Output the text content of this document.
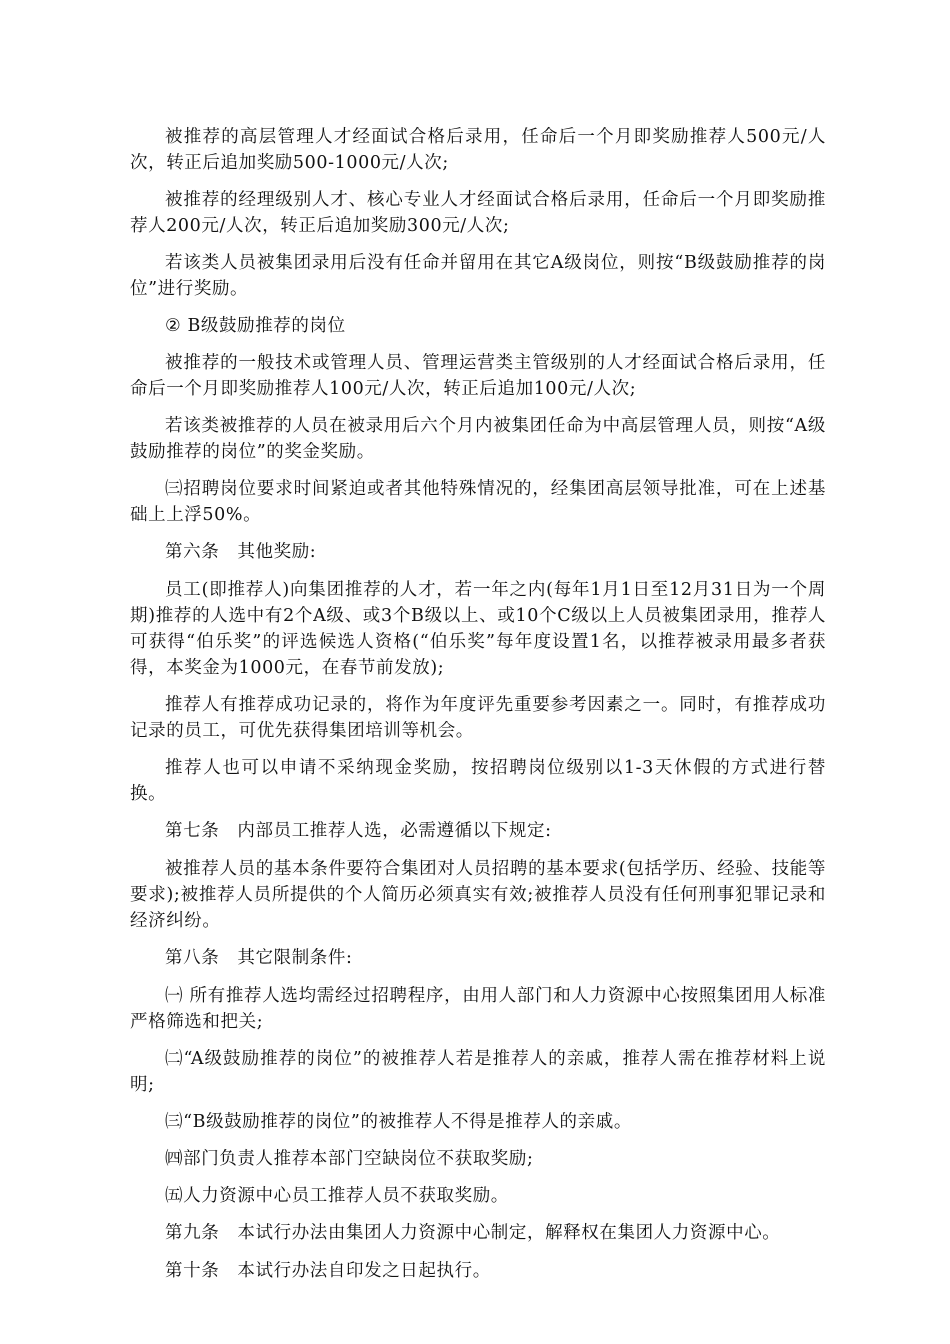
被推荐的高层管理人才经面试合格后录用，任命后一个月即奖励推荐人500元/人次，转正后追加奖励500-1000元/人次;

被推荐的经理级别人才、核心专业人才经面试合格后录用，任命后一个月即奖励推荐人200元/人次，转正后追加奖励300元/人次;

若该类人员被集团录用后没有任命并留用在其它A级岗位，则按“B级鼓励推荐的岗位”进行奖励。

② B级鼓励推荐的岗位

被推荐的一般技术或管理人员、管理运营类主管级别的人才经面试合格后录用，任命后一个月即奖励推荐人100元/人次，转正后追加100元/人次;

若该类被推荐的人员在被录用后六个月内被集团任命为中高层管理人员，则按“A级鼓励推荐的岗位”的奖金奖励。

㈢招聘岗位要求时间紧迫或者其他特殊情况的，经集团高层领导批准，可在上述基础上上浮50%。

第六条　其他奖励:

员工(即推荐人)向集团推荐的人才，若一年之内(每年1月1日至12月31日为一个周期)推荐的人选中有2个A级、或3个B级以上、或10个C级以上人员被集团录用，推荐人可获得“伯乐奖”的评选候选人资格(“伯乐奖”每年度设置1名，以推荐被录用最多者获得，本奖金为1000元，在春节前发放);

推荐人有推荐成功记录的，将作为年度评先重要参考因素之一。同时，有推荐成功记录的员工，可优先获得集团培训等机会。

推荐人也可以申请不采纳现金奖励，按招聘岗位级别以1-3天休假的方式进行替换。

第七条　内部员工推荐人选，必需遵循以下规定:

被推荐人员的基本条件要符合集团对人员招聘的基本要求(包括学历、经验、技能等要求);被推荐人员所提供的个人简历必须真实有效;被推荐人员没有任何刑事犯罪记录和经济纠纷。

第八条　其它限制条件:

㈠ 所有推荐人选均需经过招聘程序，由用人部门和人力资源中心按照集团用人标准严格筛选和把关;

㈡“A级鼓励推荐的岗位”的被推荐人若是推荐人的亲戚，推荐人需在推荐材料上说明;

㈢“B级鼓励推荐的岗位”的被推荐人不得是推荐人的亲戚。

㈣部门负责人推荐本部门空缺岗位不获取奖励;

㈤人力资源中心员工推荐人员不获取奖励。

第九条　本试行办法由集团人力资源中心制定，解释权在集团人力资源中心。

第十条　本试行办法自印发之日起执行。
